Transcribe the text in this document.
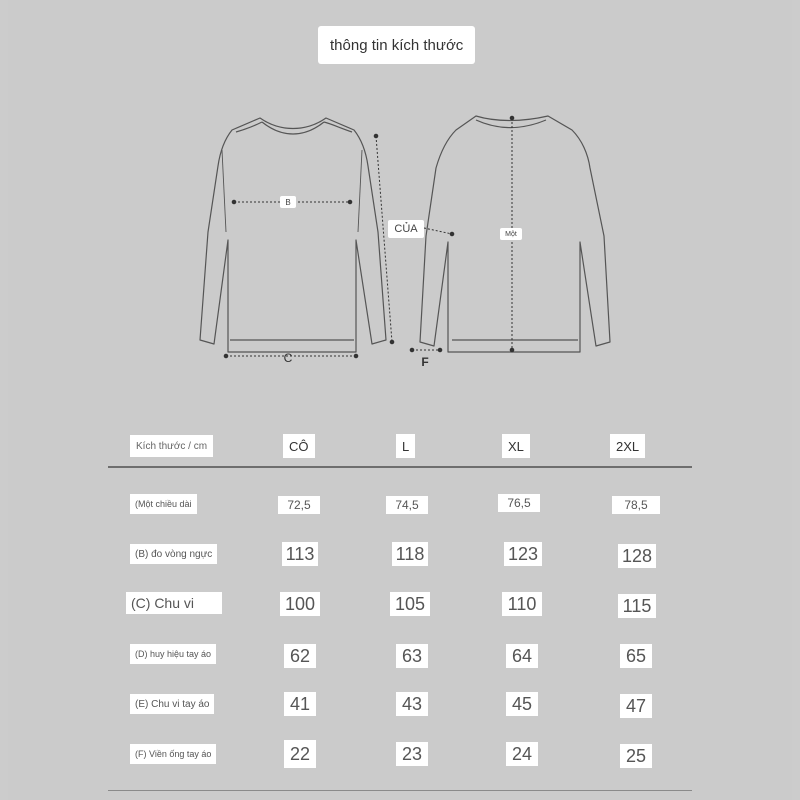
thông tin kích thước
B
C
CỦA	Một
F
Kích thước / cm	CÔ	L	XL	2XL
(Một chiều dài	72,5	74,5	76,5	78,5
(B) đo vòng ngực	113	118	123	128
(C) Chu vi	100	105	110	115
(D) huy hiệu tay áo	62	63	64	65
(E) Chu vi tay áo	41	43	45	47
(F) Viền ống tay áo	22	23	24	25
